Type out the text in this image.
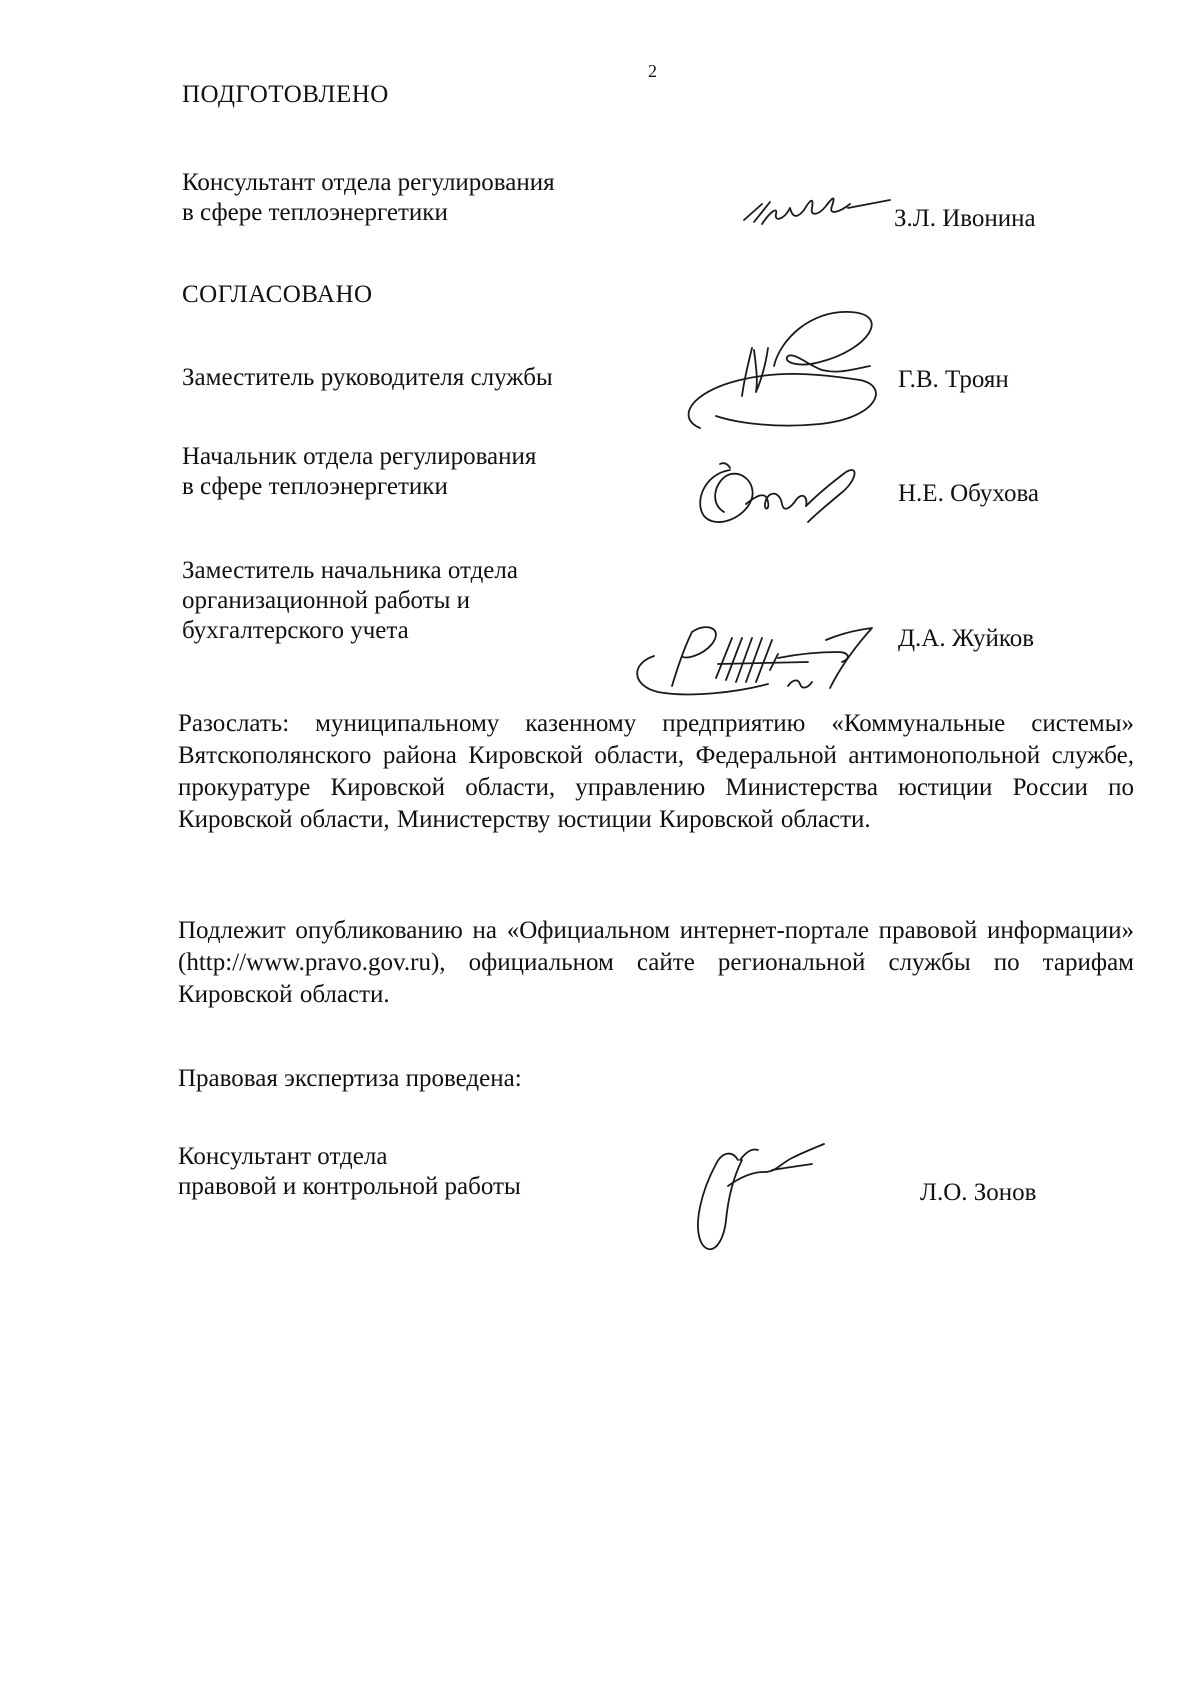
2
ПОДГОТОВЛЕНО
Консультант отдела регулирования
в сфере теплоэнергетики	З.Л. Ивонина
СОГЛАСОВАНО
Заместитель руководителя службы	Г.В. Троян
Начальник отдела регулирования
в сфере теплоэнергетики	Н.Е. Обухова
Заместитель начальника отдела
организационной работы и
бухгалтерского учета	Д.А. Жуйков
Разослать: муниципальному казенному предприятию «Коммунальные системы» Вятскополянского района Кировской области, Федеральной антимонопольной службе, прокуратуре Кировской области, управлению Министерства юстиции России по Кировской области, Министерству юстиции Кировской области.
Подлежит опубликованию на «Официальном интернет-портале правовой информации» (http://www.pravo.gov.ru), официальном сайте региональной службы по тарифам Кировской области.
Правовая экспертиза проведена:
Консультант отдела
правовой и контрольной работы	Л.О. Зонов
